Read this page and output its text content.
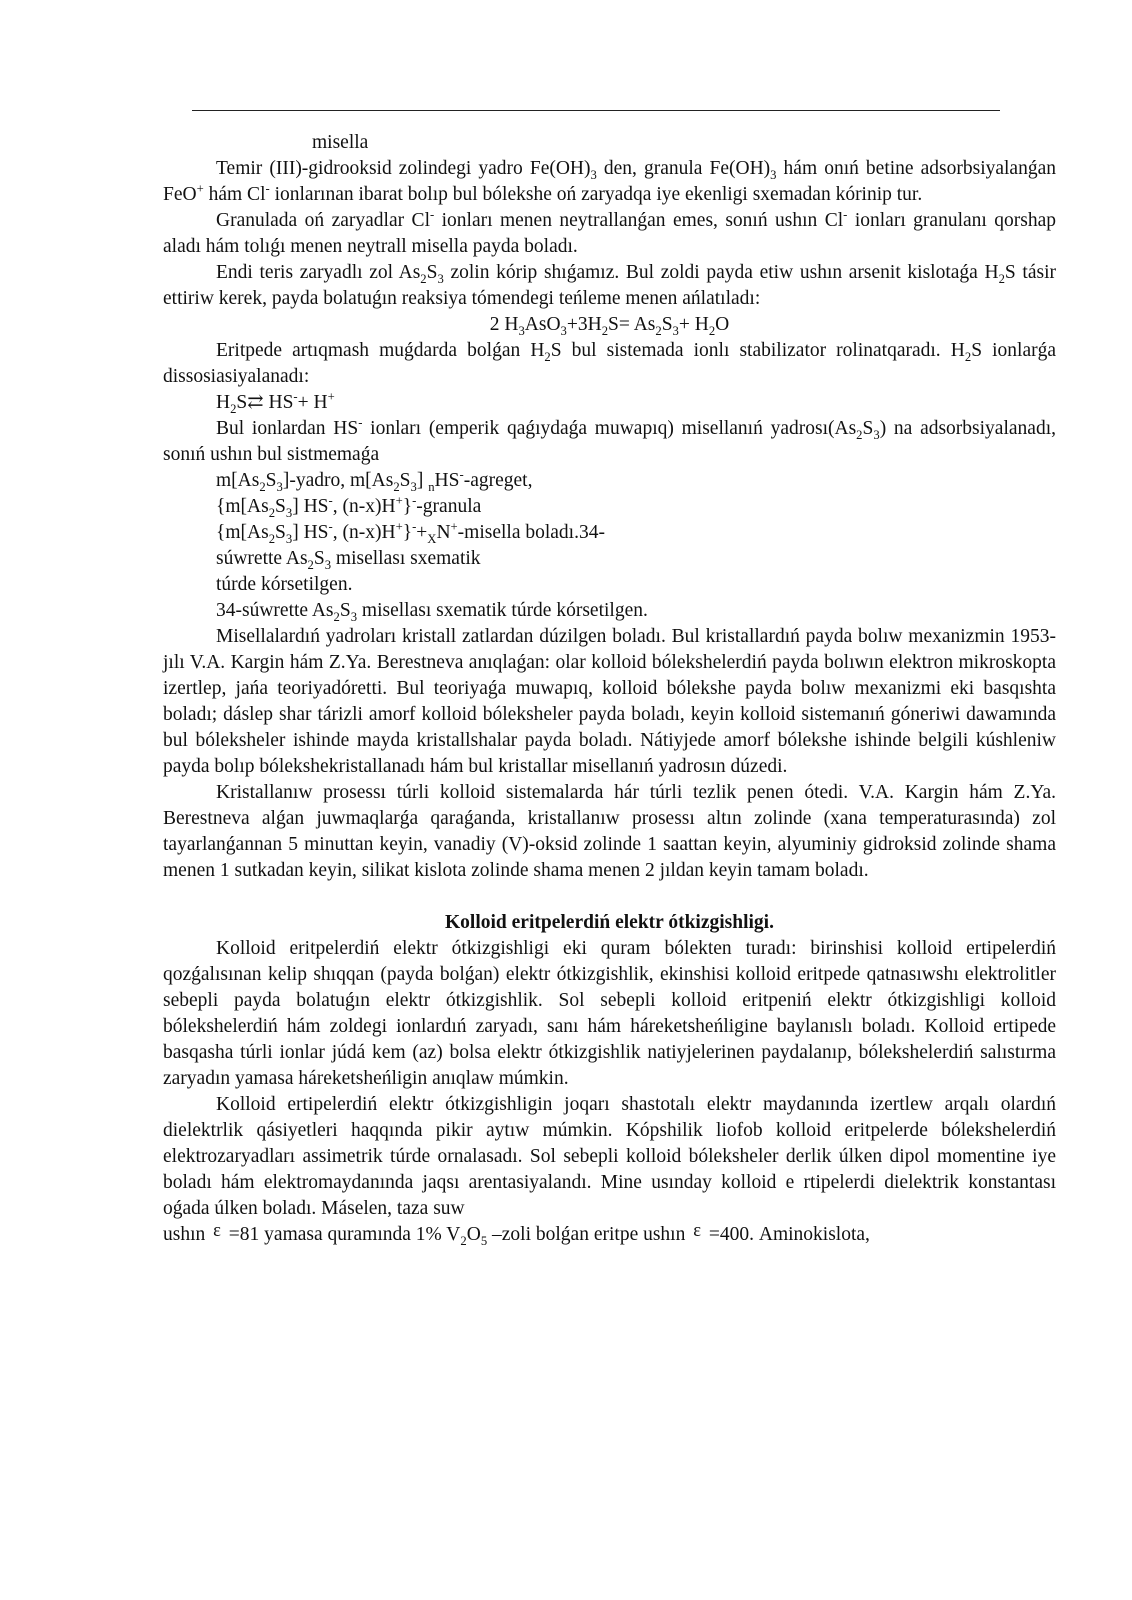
misella

Temir (III)-gidrooksid zolindegi yadro $Fe(OH)_3$ den, granula $Fe(OH)_3$ hám onıń betine adsorbsiyalanǵan FeO+ hám Cl- ionlarınan ibarat bolıp bul bólekshe oń zaryadqa iye ekenligi sxemadan kórinip tur.

Granulada oń zaryadlar Cl- ionları menen neytrallanǵan emes, sonıń ushın Cl- ionları granulanı qorshap aladı hám tolıǵı menen neytrall misella payda boladı.

Endi teris zaryadlı zol $As_2S_3$ zolin kórip shıǵamız. Bul zoldi payda etiw ushın arsenit kislotaǵa $H_2S$ tásir ettiriw kerek, payda bolatuǵın reaksiya tómendegi teńleme menen ańlatıladı:

2 $H_3AsO_3+3H_2S= As_2S_3+ H_2O$

Eritpede artıqmash muǵdarda bolǵan $H_2S$ bul sistemada ionlı stabilizator rolinatqaradı. $H_2S$ ionlarǵa dissosiasiyalanadı:

$H_2S⇄$ HS-+ H+

Bul ionlardan HS- ionları (emperik qaǵıydaǵa muwapıq) misellanıń $yadrosı(As_2S_3)$ na adsorbsiyalanadı, sonıń ushın bul sistmemaǵa

$m[As_2S_3]$-yadro, $m[As_2S_3]$ $_n$HS--agreget,

{$m[As_2S_3]$ HS-, (n-x)H+}--granula

{$m[As_2S_3]$ HS-, $(n-x)H^+\}^-+_XN^+$-misella boladı.34-

súwrette $As_2S_3$ misellası sxematik

túrde kórsetilgen.

34-súwrette $As_2S_3$ misellası sxematik túrde kórsetilgen.

Misellalardıń yadroları kristall zatlardan dúzilgen boladı. Bul kristallardıń payda bolıw mexanizmin 1953-jılı V.A. Kargin hám Z.Ya. Berestneva anıqlaǵan: olar kolloid bólekshelerdiń payda bolıwın elektron mikroskopta izertlep, jańa teoriyadóretti. Bul teoriyaǵa muwapıq, kolloid bólekshe payda bolıw mexanizmi eki basqıshta boladı; dáslep shar tárizli amorf kolloid bóleksheler payda boladı, keyin kolloid sistemanıń góneriwi dawamında bul bóleksheler ishinde mayda kristallshalar payda boladı. Nátiyjede amorf bólekshe ishinde belgili kúshleniw payda bolıp bólekshekristallanadı hám bul kristallar misellanıń yadrosın dúzedi.

Kristallanıw prosessı túrli kolloid sistemalarda hár túrli tezlik penen ótedi. V.A. Kargin hám Z.Ya. Berestneva alǵan juwmaqlarǵa qaraǵanda, kristallanıw prosessı altın zolinde (xana temperaturasında) zol tayarlanǵannan 5 minuttan keyin, vanadiy (V)-oksid zolinde 1 saattan keyin, alyuminiy gidroksid zolinde shama menen 1 sutkadan keyin, silikat kislota zolinde shama menen 2 jıldan keyin tamam boladı.

Kolloid eritpelerdiń elektr ótkizgishligi.

Kolloid eritpelerdiń elektr ótkizgishligi eki quram bólekten turadı: birinshisi kolloid ertipelerdiń qozǵalısınan kelip shıqqan (payda bolǵan) elektr ótkizgishlik, ekinshisi kolloid eritpede qatnasıwshı elektrolitler sebepli payda bolatuǵın elektr ótkizgishlik. Sol sebepli kolloid eritpeniń elektr ótkizgishligi kolloid bólekshelerdiń hám zoldegi ionlardıń zaryadı, sanı hám háreketsheńligine baylanıslı boladı. Kolloid ertipede basqasha túrli ionlar júdá kem (az) bolsa elektr ótkizgishlik natiyjelerinen paydalanıp, bólekshelerdiń salıstırma zaryadın yamasa háreketsheńligin anıqlaw múmkin.

Kolloid ertipelerdiń elektr ótkizgishligin joqarı shastotalı elektr maydanında izertlew arqalı olardıń dielektrlik qásiyetleri haqqında pikir aytıw múmkin. Kópshilik liofob kolloid eritpelerde bólekshelerdiń elektrozaryadları assimetrik túrde ornalasadı. Sol sebepli kolloid bóleksheler derlik úlken dipol momentine iye boladı hám elektromaydanında jaqsı arentasiyalandı. Mine usınday kolloid e rtipelerdi dielektrik konstantası oǵada úlken boladı. Máselen, taza suw

ushın ε =81 yamasa quramında 1% $V_2O_5$ –zoli bolǵan eritpe ushın ε =400. Aminokislota,
